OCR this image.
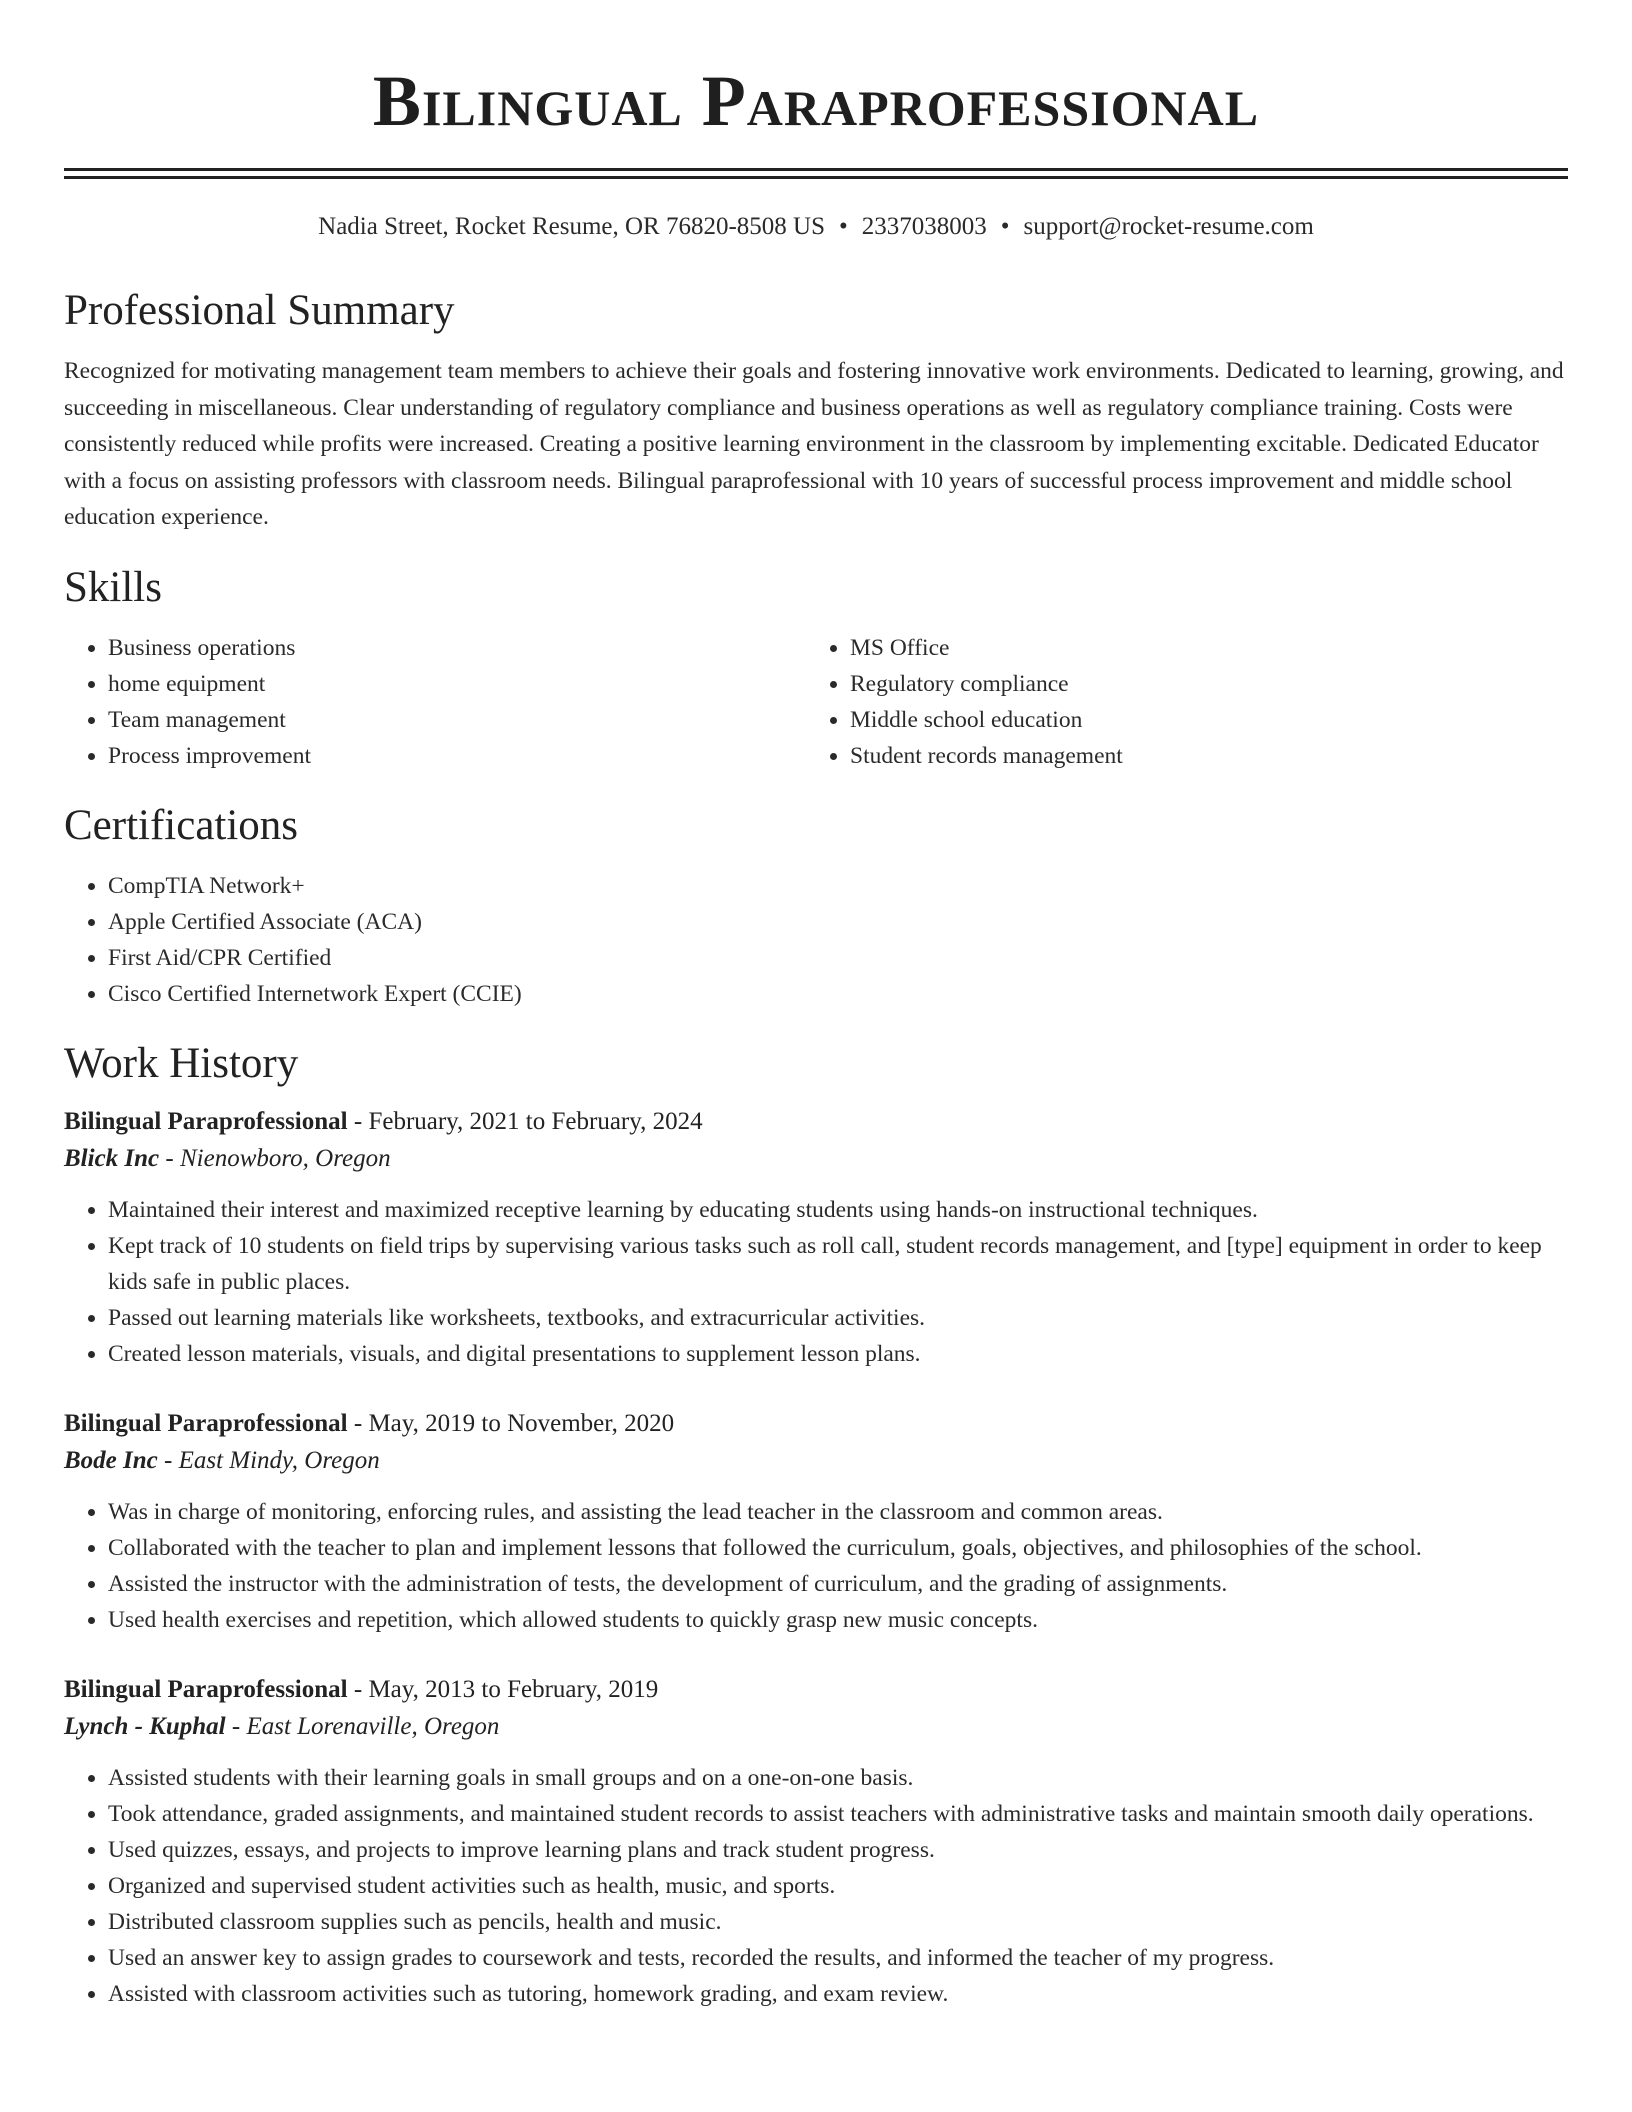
Bilingual Paraprofessional
Nadia Street, Rocket Resume, OR 76820-8508 US • 2337038003 • support@rocket-resume.com
Professional Summary

Recognized for motivating management team members to achieve their goals and fostering innovative work environments. Dedicated to learning, growing, and succeeding in miscellaneous. Clear understanding of regulatory compliance and business operations as well as regulatory compliance training. Costs were consistently reduced while profits were increased. Creating a positive learning environment in the classroom by implementing excitable. Dedicated Educator with a focus on assisting professors with classroom needs. Bilingual paraprofessional with 10 years of successful process improvement and middle school education experience.

Skills
• Business operations
• home equipment
• Team management
• Process improvement
• MS Office
• Regulatory compliance
• Middle school education
• Student records management
Certifications
• CompTIA Network+
• Apple Certified Associate (ACA)
• First Aid/CPR Certified
• Cisco Certified Internetwork Expert (CCIE)
Work History
Bilingual Paraprofessional - February, 2021 to February, 2024
Blick Inc - Nienowboro, Oregon
• Maintained their interest and maximized receptive learning by educating students using hands-on instructional techniques.
• Kept track of 10 students on field trips by supervising various tasks such as roll call, student records management, and [type] equipment in order to keep kids safe in public places.
• Passed out learning materials like worksheets, textbooks, and extracurricular activities.
• Created lesson materials, visuals, and digital presentations to supplement lesson plans.
Bilingual Paraprofessional - May, 2019 to November, 2020
Bode Inc - East Mindy, Oregon
• Was in charge of monitoring, enforcing rules, and assisting the lead teacher in the classroom and common areas.
• Collaborated with the teacher to plan and implement lessons that followed the curriculum, goals, objectives, and philosophies of the school.
• Assisted the instructor with the administration of tests, the development of curriculum, and the grading of assignments.
• Used health exercises and repetition, which allowed students to quickly grasp new music concepts.
Bilingual Paraprofessional - May, 2013 to February, 2019
Lynch - Kuphal - East Lorenaville, Oregon
• Assisted students with their learning goals in small groups and on a one-on-one basis.
• Took attendance, graded assignments, and maintained student records to assist teachers with administrative tasks and maintain smooth daily operations.
• Used quizzes, essays, and projects to improve learning plans and track student progress.
• Organized and supervised student activities such as health, music, and sports.
• Distributed classroom supplies such as pencils, health and music.
• Used an answer key to assign grades to coursework and tests, recorded the results, and informed the teacher of my progress.
• Assisted with classroom activities such as tutoring, homework grading, and exam review.
